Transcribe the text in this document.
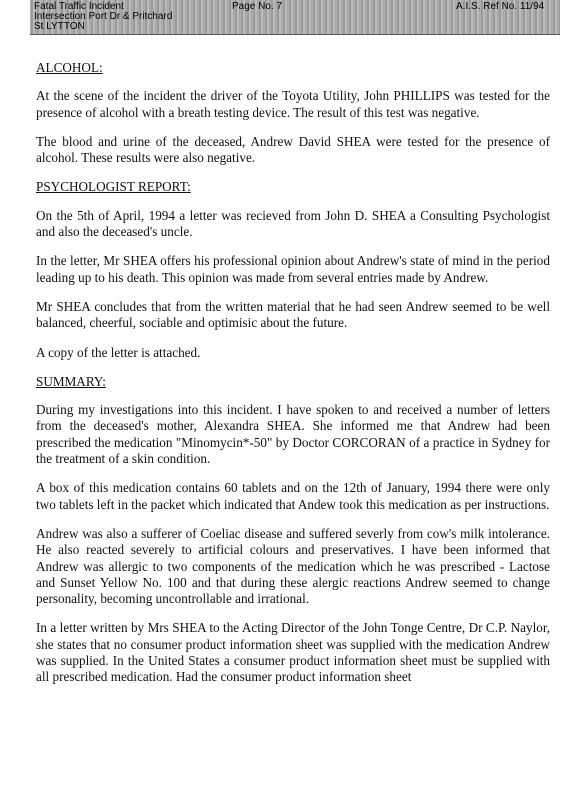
Fatal Traffic Incident
Intersection Port Dr & Pritchard
St LYTTON
Page No. 7	A.I.S. Ref No. 11/94
ALCOHOL:

At the scene of the incident the driver of the Toyota Utility, John PHILLIPS was tested for the presence of alcohol with a breath testing device. The result of this test was negative.

The blood and urine of the deceased, Andrew David SHEA were tested for the presence of alcohol. These results were also negative.

PSYCHOLOGIST REPORT:

On the 5th of April, 1994 a letter was recieved from John D. SHEA a Consulting Psychologist and also the deceased's uncle.

In the letter, Mr SHEA offers his professional opinion about Andrew's state of mind in the period leading up to his death. This opinion was made from several entries made by Andrew.

Mr SHEA concludes that from the written material that he had seen Andrew seemed to be well balanced, cheerful, sociable and optimisic about the future.

A copy of the letter is attached.

SUMMARY:

During my investigations into this incident. I have spoken to and received a number of letters from the deceased's mother, Alexandra SHEA. She informed me that Andrew had been prescribed the medication "Minomycin*-50" by Doctor CORCORAN of a practice in Sydney for the treatment of a skin condition.

A box of this medication contains 60 tablets and on the 12th of January, 1994 there were only two tablets left in the packet which indicated that Andew took this medication as per instructions.

Andrew was also a sufferer of Coeliac disease and suffered severly from cow's milk intolerance. He also reacted severely to artificial colours and preservatives. I have been informed that Andrew was allergic to two components of the medication which he was prescribed - Lactose and Sunset Yellow No. 100 and that during these alergic reactions Andrew seemed to change personality, becoming uncontrollable and irrational.

In a letter written by Mrs SHEA to the Acting Director of the John Tonge Centre, Dr C.P. Naylor, she states that no consumer product information sheet was supplied with the medication Andrew was supplied. In the United States a consumer product information sheet must be supplied with all prescribed medication. Had the consumer product information sheet
